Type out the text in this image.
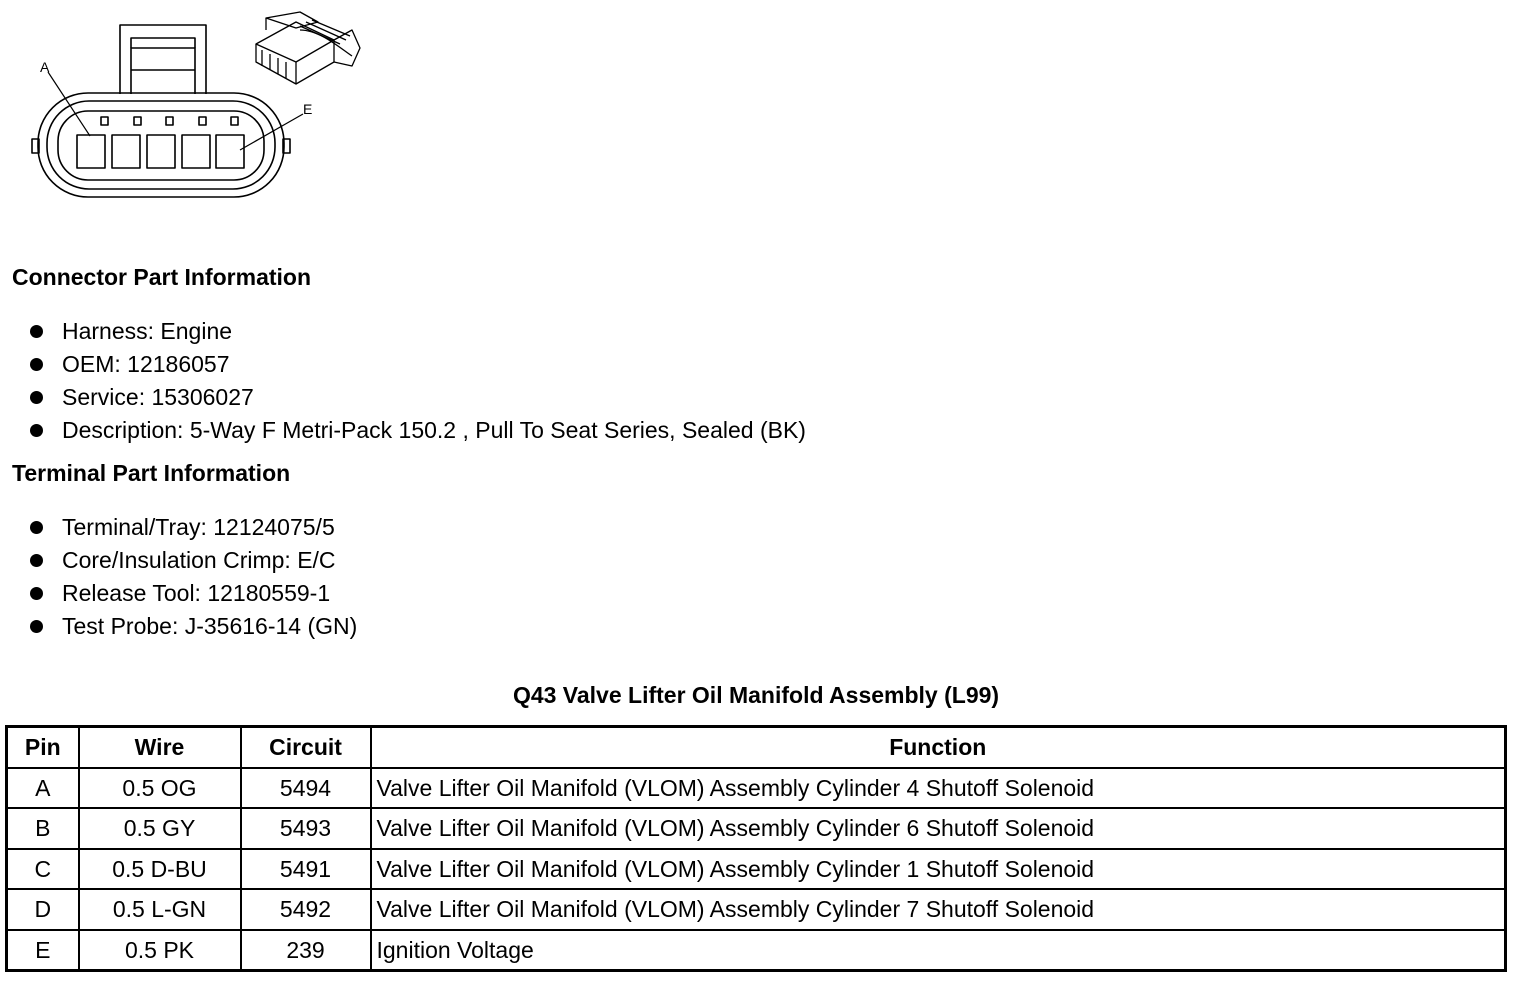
A
E
Connector Part Information
Harness: Engine
OEM: 12186057
Service: 15306027
Description: 5-Way F Metri-Pack 150.2 , Pull To Seat Series, Sealed (BK)
Terminal Part Information
Terminal/Tray: 12124075/5
Core/Insulation Crimp: E/C
Release Tool: 12180559-1
Test Probe: J-35616-14 (GN)
Q43 Valve Lifter Oil Manifold Assembly (L99)
Pin	Wire	Circuit	Function
A	0.5 OG	5494	Valve Lifter Oil Manifold (VLOM) Assembly Cylinder 4 Shutoff Solenoid
B	0.5 GY	5493	Valve Lifter Oil Manifold (VLOM) Assembly Cylinder 6 Shutoff Solenoid
C	0.5 D-BU	5491	Valve Lifter Oil Manifold (VLOM) Assembly Cylinder 1 Shutoff Solenoid
D	0.5 L-GN	5492	Valve Lifter Oil Manifold (VLOM) Assembly Cylinder 7 Shutoff Solenoid
E	0.5 PK	239	Ignition Voltage
